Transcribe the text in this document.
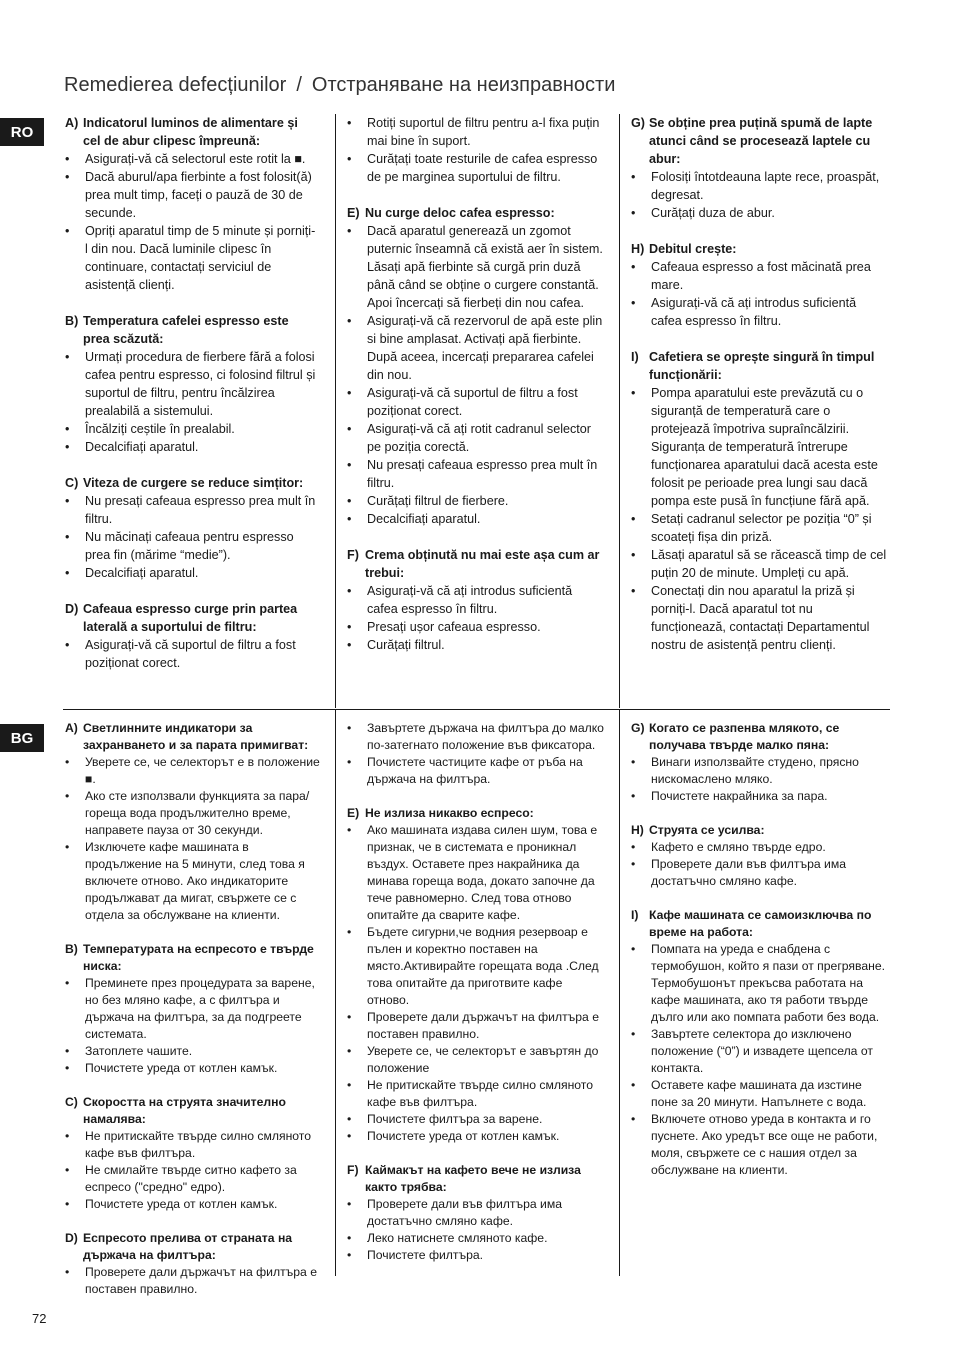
Remedierea defecțiunilor / Отстраняване на неизправности
RO
BG
A) Indicatorul luminos de alimentare și cel de abur clipesc împreună:
• Asigurați-vă că selectorul este rotit la ■.
• Dacă aburul/apa fierbinte a fost folosit(ă) prea mult timp, faceți o pauză de 30 de secunde.
• Opriți aparatul timp de 5 minute și porniți-l din nou. Dacă luminile clipesc în continuare, contactați serviciul de asistență clienți.
B) Temperatura cafelei espresso este prea scăzută:
• Urmați procedura de fierbere fără a folosi cafea pentru espresso, ci folosind filtrul și suportul de filtru, pentru încălzirea prealabilă a sistemului.
• Încălziți ceștile în prealabil.
• Decalcifiați aparatul.
C) Viteza de curgere se reduce simțitor:
• Nu presați cafeaua espresso prea mult în filtru.
• Nu măcinați cafeaua pentru espresso prea fin (mărime “medie”).
• Decalcifiați aparatul.
D) Cafeaua espresso curge prin partea laterală a suportului de filtru:
• Asigurați-vă că suportul de filtru a fost poziționat corect.
• Rotiți suportul de filtru pentru a-l fixa puțin mai bine în suport.
• Curățați toate resturile de cafea espresso de pe marginea suportului de filtru.
E) Nu curge deloc cafea espresso:
• Dacă aparatul generează un zgomot puternic înseamnă că există aer în sistem. Lăsați apă fierbinte să curgă prin duză până când se obține o curgere constantă. Apoi încercați să fierbeți din nou cafea.
• Asigurați-vă că rezervorul de apă este plin si bine amplasat. Activați apă fierbinte. După aceea, incercați prepararea cafelei din nou.
• Asigurați-vă că suportul de filtru a fost poziționat corect.
• Asigurați-vă că ați rotit cadranul selector pe poziția corectă.
• Nu presați cafeaua espresso prea mult în filtru.
• Curățați filtrul de fierbere.
• Decalcifiați aparatul.
F) Crema obținută nu mai este așa cum ar trebui:
• Asigurați-vă că ați introdus suficientă cafea espresso în filtru.
• Presați ușor cafeaua espresso.
• Curățați filtrul.
G) Se obține prea puțină spumă de lapte atunci când se procesează laptele cu abur:
• Folosiți întotdeauna lapte rece, proaspăt, degresat.
• Curățați duza de abur.
H) Debitul crește:
• Cafeaua espresso a fost măcinată prea mare.
• Asigurați-vă că ați introdus suficientă cafea espresso în filtru.
I) Cafetiera se oprește singură în timpul funcționării:
• Pompa aparatului este prevăzută cu o siguranță de temperatură care o protejează împotriva supraîncălzirii. Siguranța de temperatură întrerupe funcționarea aparatului dacă acesta este folosit pe perioade prea lungi sau dacă pompa este pusă în funcțiune fără apă.
• Setați cadranul selector pe poziția “0” și scoateți fișa din priză.
• Lăsați aparatul să se răcească timp de cel puțin 20 de minute. Umpleți cu apă.
• Conectați din nou aparatul la priză și porniți-l. Dacă aparatul tot nu funcționează, contactați Departamentul nostru de asistență pentru clienți.
A) Светлинните индикатори за захранването и за парата примигват:
• Уверете се, че селекторът е в положение ■.
• Ако сте използвали функцията за пара/гореща вода продължително време, направете пауза от 30 секунди.
• Изключете кафе машината в продължение на 5 минути, след това я включете отново. Ако индикаторите продължават да мигат, свържете се с отдела за обслужване на клиенти.
B) Температурата на еспресото е твърде ниска:
• Преминете през процедурата за варене, но без мляно кафе, а с филтъра и държача на филтъра, за да подгреете системата.
• Затоплете чашите.
• Почистете уреда от котлен камък.
C) Скоростта на струята значително намалява:
• Не притискайте твърде силно смляното кафе във филтъра.
• Не смилайте твърде ситно кафето за еспресо ("средно" едро).
• Почистете уреда от котлен камък.
D) Еспресото прелива от страната на държача на филтъра:
• Проверете дали държачът на филтъра е поставен правилно.
• Завъртете държача на филтъра до малко по-затегнато положение във фиксатора.
• Почистете частиците кафе от ръба на държача на филтъра.
E) Не излиза никакво еспресо:
• Ако машината издава силен шум, това е признак, че в системата е проникнал въздух. Оставете през накрайника да минава гореща вода, докато започне да тече равномерно. След това отново опитайте да сварите кафе.
• Бъдете сигурни,че водния резервоар е пълен и коректно поставен на място.Активирайте горещата вода .След това опитайте да приготвите кафе отново.
• Проверете дали държачът на филтъра е поставен правилно.
• Уверете се, че селекторът е завъртян до положение
• Не притискайте твърде силно смляното кафе във филтъра.
• Почистете филтъра за варене.
• Почистете уреда от котлен камък.
F) Каймакът на кафето вече не излиза както трябва:
• Проверете дали във филтъра има достатъчно смляно кафе.
• Леко натиснете смляното кафе.
• Почистете филтъра.
G) Когато се разпенва млякото, се получава твърде малко пяна:
• Винаги използвайте студено, прясно нискомаслено мляко.
• Почистете накрайника за пара.
H) Струята се усилва:
• Кафето е смляно твърде едро.
• Проверете дали във филтъра има достатъчно смляно кафе.
I) Кафе машината се самоизключва по време на работа:
• Помпата на уреда е снабдена с термобушон, който я пази от прегряване. Термобушонът прекъсва работата на кафе машината, ако тя работи твърде дълго или ако помпата работи без вода.
• Завъртете селектора до изключено положение (“0”) и извадете щепсела от контакта.
• Оставете кафе машината да изстине поне за 20 минути. Напълнете с вода.
• Включете отново уреда в контакта и го пуснете. Ако уредът все още не работи, моля, свържете се с нашия отдел за обслужване на клиенти.
72
